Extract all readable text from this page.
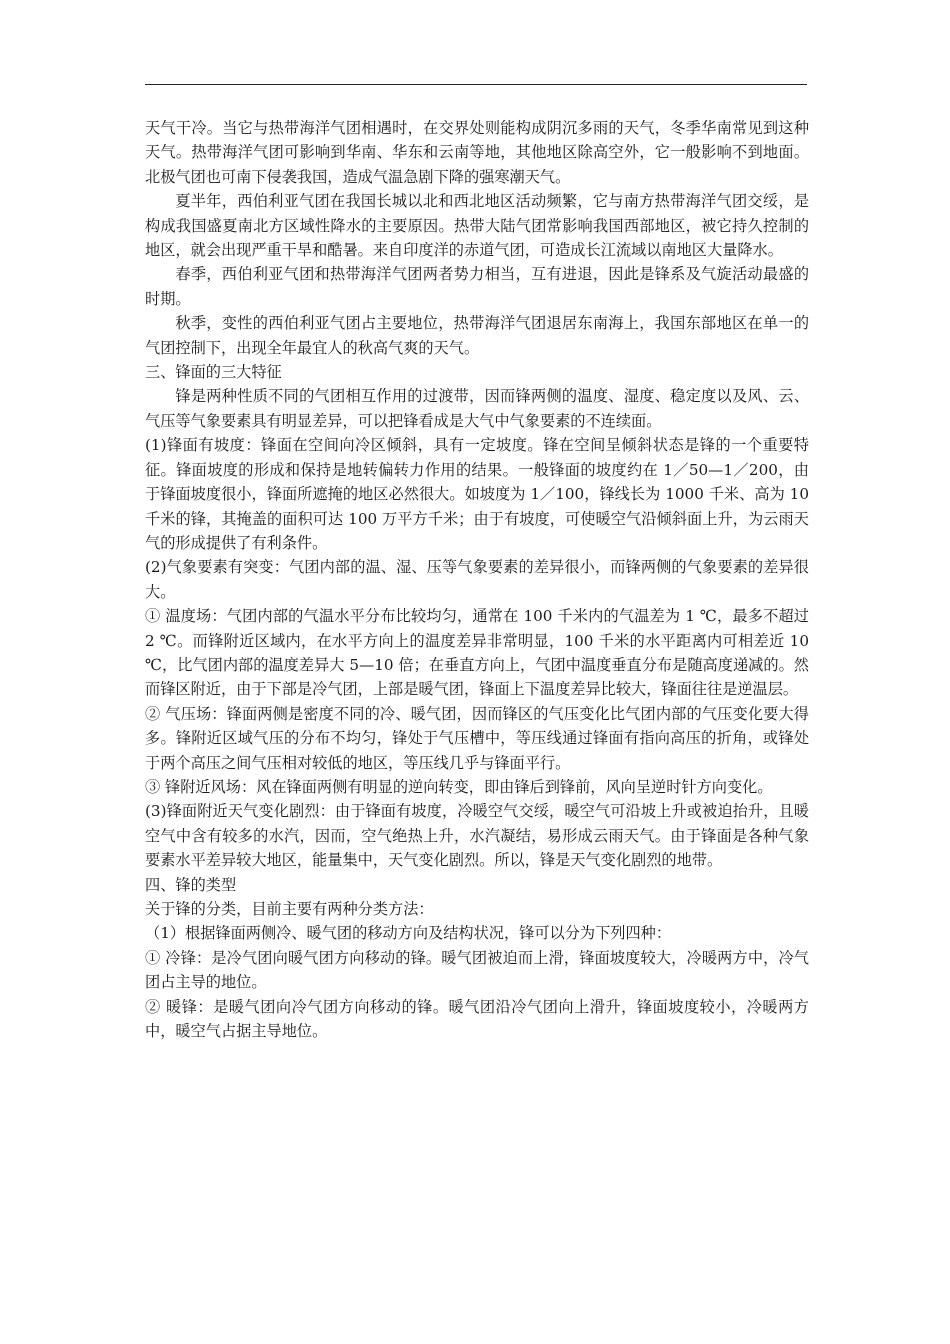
天气干冷。当它与热带海洋气团相遇时，在交界处则能构成阴沉多雨的天气，冬季华南常见到这种天气。热带海洋气团可影响到华南、华东和云南等地，其他地区除高空外，它一般影响不到地面。北极气团也可南下侵袭我国，造成气温急剧下降的强寒潮天气。

夏半年，西伯利亚气团在我国长城以北和西北地区活动频繁，它与南方热带海洋气团交绥，是构成我国盛夏南北方区域性降水的主要原因。热带大陆气团常影响我国西部地区，被它持久控制的地区，就会出现严重干旱和酷暑。来自印度洋的赤道气团，可造成长江流域以南地区大量降水。

春季，西伯利亚气团和热带海洋气团两者势力相当，互有进退，因此是锋系及气旋活动最盛的时期。

秋季，变性的西伯利亚气团占主要地位，热带海洋气团退居东南海上，我国东部地区在单一的气团控制下，出现全年最宜人的秋高气爽的天气。

三、锋面的三大特征

锋是两种性质不同的气团相互作用的过渡带，因而锋两侧的温度、湿度、稳定度以及风、云、气压等气象要素具有明显差异，可以把锋看成是大气中气象要素的不连续面。

(1)锋面有坡度：锋面在空间向冷区倾斜，具有一定坡度。锋在空间呈倾斜状态是锋的一个重要特征。锋面坡度的形成和保持是地转偏转力作用的结果。一般锋面的坡度约在 1／50—1／200，由于锋面坡度很小，锋面所遮掩的地区必然很大。如坡度为 1／100，锋线长为 1000 千米、高为 10 千米的锋，其掩盖的面积可达 100 万平方千米；由于有坡度，可使暖空气沿倾斜面上升，为云雨天气的形成提供了有利条件。

(2)气象要素有突变：气团内部的温、湿、压等气象要素的差异很小，而锋两侧的气象要素的差异很大。

① 温度场：气团内部的气温水平分布比较均匀，通常在 100 千米内的气温差为 1 ℃，最多不超过 2 ℃。而锋附近区域内，在水平方向上的温度差异非常明显，100 千米的水平距离内可相差近 10 ℃，比气团内部的温度差异大 5—10 倍；在垂直方向上，气团中温度垂直分布是随高度递减的。然而锋区附近，由于下部是冷气团，上部是暖气团，锋面上下温度差异比较大，锋面往往是逆温层。

② 气压场：锋面两侧是密度不同的冷、暖气团，因而锋区的气压变化比气团内部的气压变化要大得多。锋附近区域气压的分布不均匀，锋处于气压槽中，等压线通过锋面有指向高压的折角，或锋处于两个高压之间气压相对较低的地区，等压线几乎与锋面平行。

③ 锋附近风场：风在锋面两侧有明显的逆向转变，即由锋后到锋前，风向呈逆时针方向变化。

(3)锋面附近天气变化剧烈：由于锋面有坡度，冷暖空气交绥，暖空气可沿坡上升或被迫抬升，且暖空气中含有较多的水汽，因而，空气绝热上升，水汽凝结，易形成云雨天气。由于锋面是各种气象要素水平差异较大地区，能量集中，天气变化剧烈。所以，锋是天气变化剧烈的地带。

四、锋的类型

关于锋的分类，目前主要有两种分类方法：

（1）根据锋面两侧冷、暖气团的移动方向及结构状况，锋可以分为下列四种：

① 冷锋：是冷气团向暖气团方向移动的锋。暖气团被迫而上滑，锋面坡度较大，冷暖两方中，冷气团占主导的地位。

② 暖锋：是暖气团向冷气团方向移动的锋。暖气团沿冷气团向上滑升，锋面坡度较小，冷暖两方中，暖空气占据主导地位。
